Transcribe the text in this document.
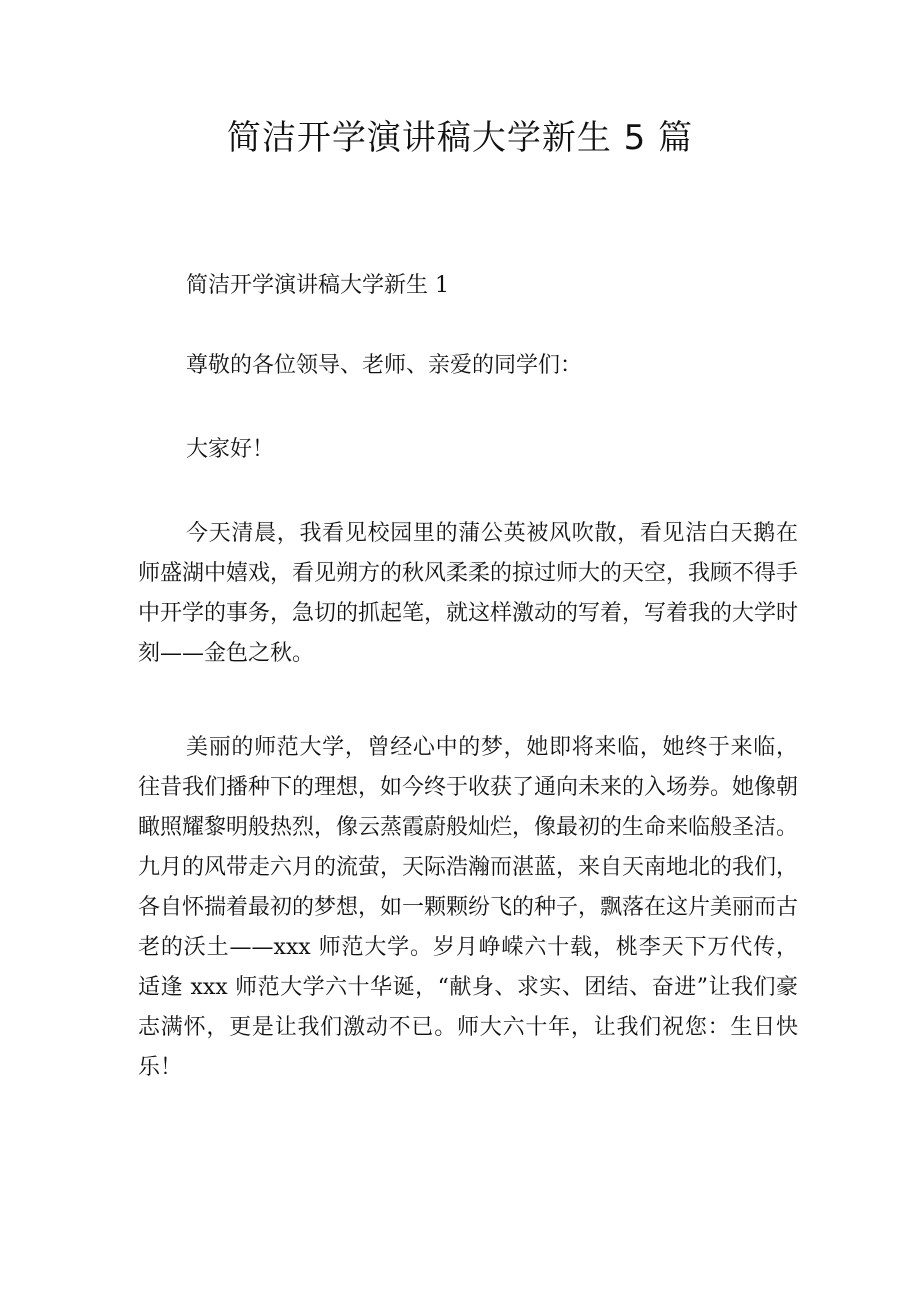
简洁开学演讲稿大学新生 5 篇

简洁开学演讲稿大学新生 1

尊敬的各位领导、老师、亲爱的同学们：

大家好！

今天清晨，我看见校园里的蒲公英被风吹散，看见洁白天鹅在师盛湖中嬉戏，看见朔方的秋风柔柔的掠过师大的天空，我顾不得手中开学的事务，急切的抓起笔，就这样激动的写着，写着我的大学时刻——金色之秋。

美丽的师范大学，曾经心中的梦，她即将来临，她终于来临，往昔我们播种下的理想，如今终于收获了通向未来的入场券。她像朝瞰照耀黎明般热烈，像云蒸霞蔚般灿烂，像最初的生命来临般圣洁。九月的风带走六月的流萤，天际浩瀚而湛蓝，来自天南地北的我们，各自怀揣着最初的梦想，如一颗颗纷飞的种子，飘落在这片美丽而古老的沃土——xxx 师范大学。岁月峥嵘六十载，桃李天下万代传，适逢 xxx 师范大学六十华诞，“献身、求实、团结、奋进”让我们豪志满怀，更是让我们激动不已。师大六十年，让我们祝您：生日快乐！
